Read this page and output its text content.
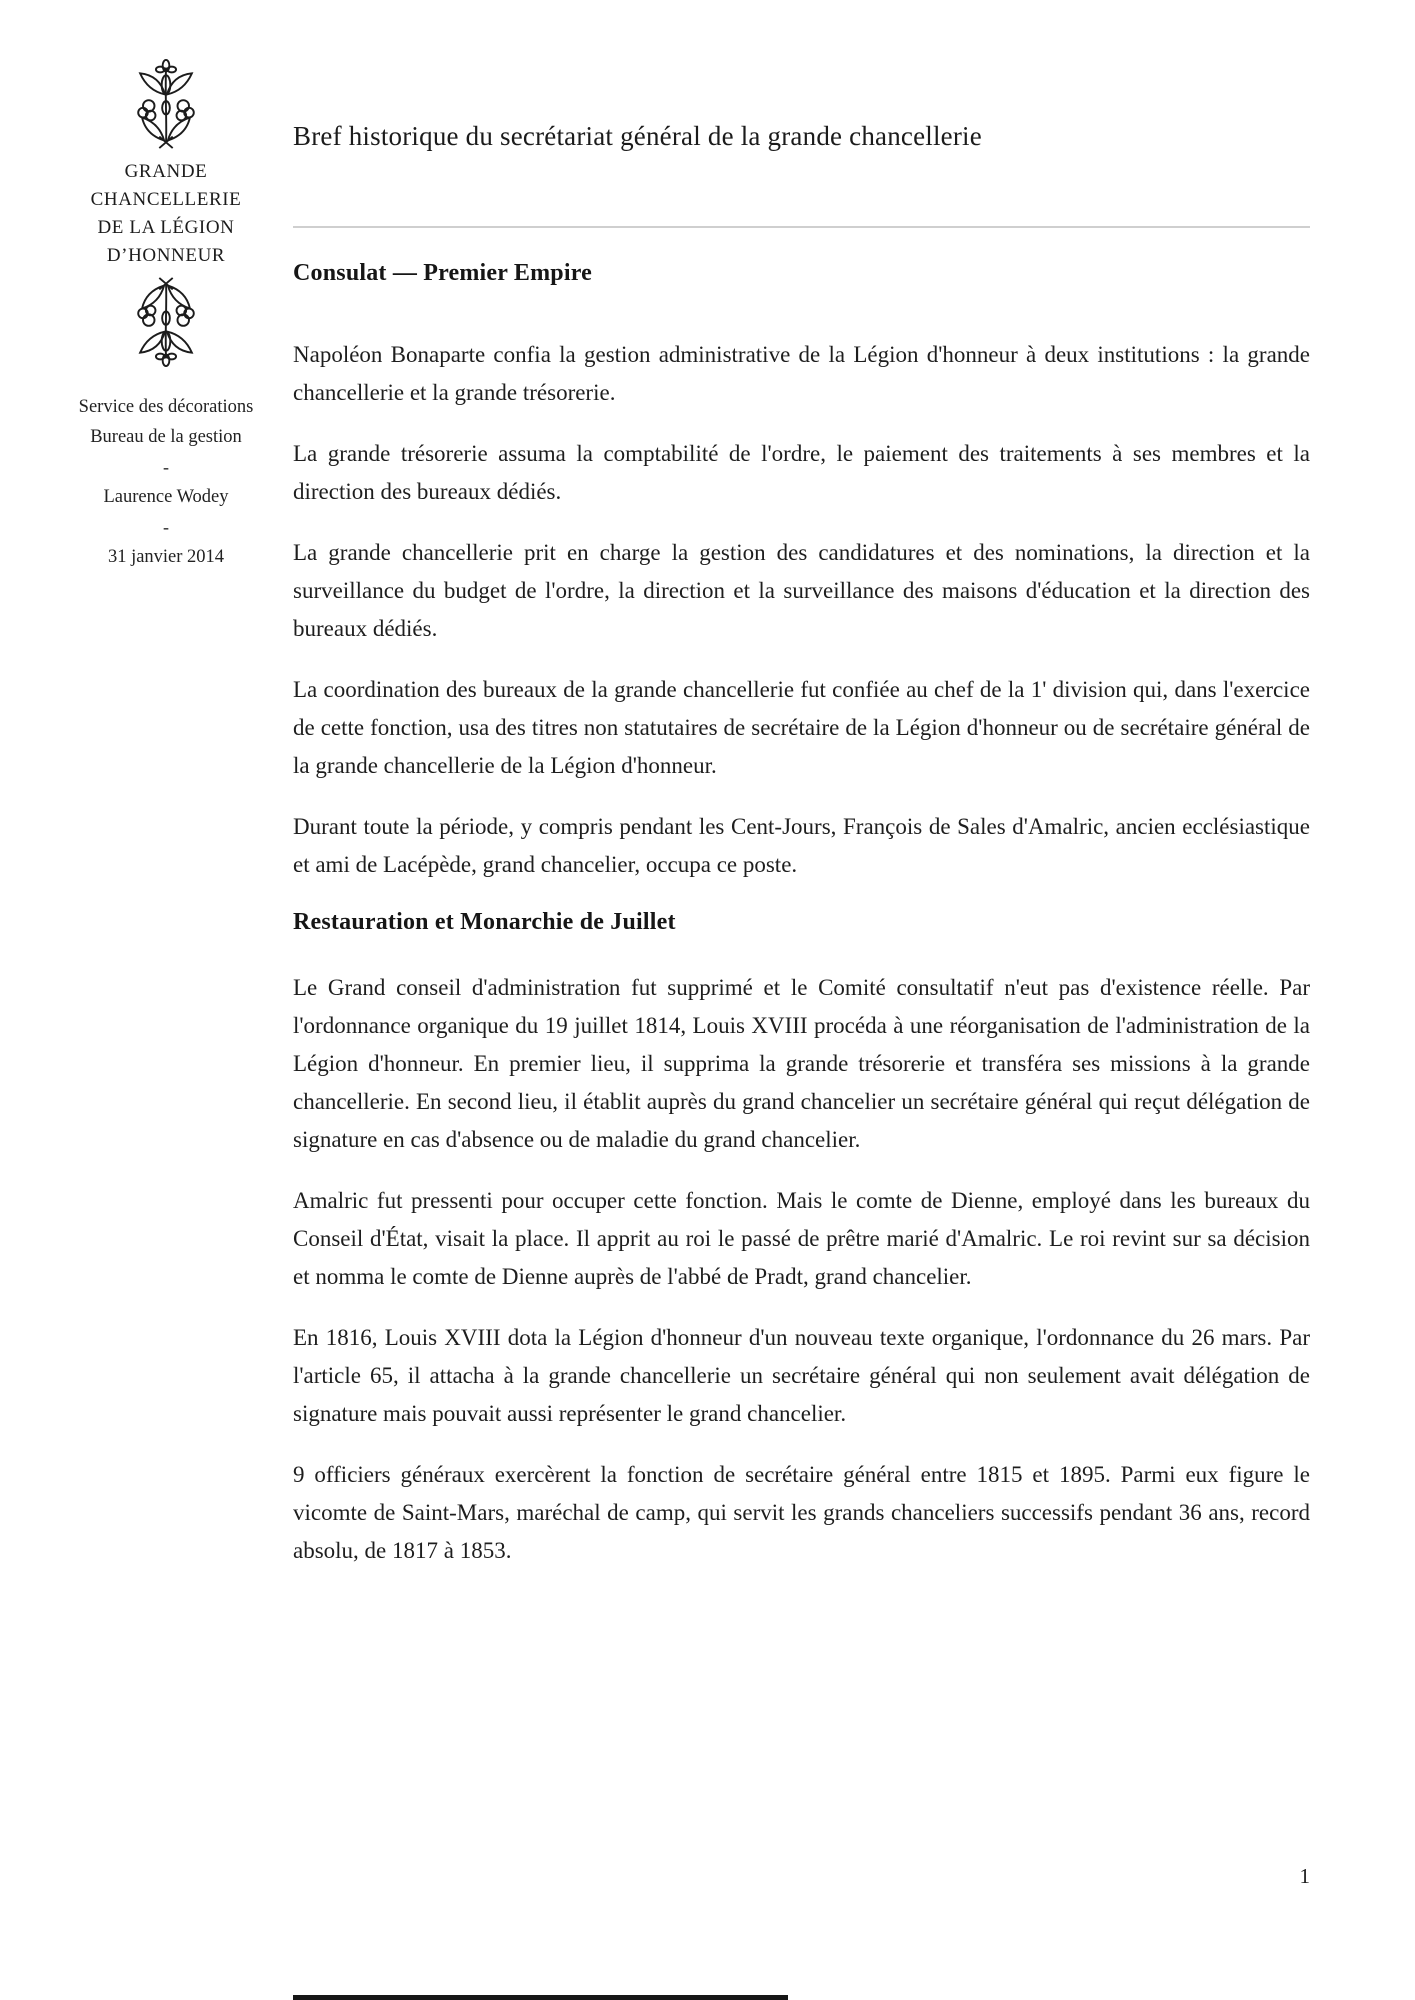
GRANDE
CHANCELLERIE
DE LA LÉGION
D’HONNEUR
Service des décorations
Bureau de la gestion
-
Laurence Wodey
-
31 janvier 2014
Bref historique du secrétariat général de la grande chancellerie
Consulat — Premier Empire

Napoléon Bonaparte confia la gestion administrative de la Légion d'honneur à deux institutions : la grande chancellerie et la grande trésorerie.

La grande trésorerie assuma la comptabilité de l'ordre, le paiement des traitements à ses membres et la direction des bureaux dédiés.

La grande chancellerie prit en charge la gestion des candidatures et des nominations, la direction et la surveillance du budget de l'ordre, la direction et la surveillance des maisons d'éducation et la direction des bureaux dédiés.

La coordination des bureaux de la grande chancellerie fut confiée au chef de la 1' division qui, dans l'exercice de cette fonction, usa des titres non statutaires de secrétaire de la Légion d'honneur ou de secrétaire général de la grande chancellerie de la Légion d'honneur.

Durant toute la période, y compris pendant les Cent-Jours, François de Sales d'Amalric, ancien ecclésiastique et ami de Lacépède, grand chancelier, occupa ce poste.

Restauration et Monarchie de Juillet

Le Grand conseil d'administration fut supprimé et le Comité consultatif n'eut pas d'existence réelle. Par l'ordonnance organique du 19 juillet 1814, Louis XVIII procéda à une réorganisation de l'administration de la Légion d'honneur. En premier lieu, il supprima la grande trésorerie et transféra ses missions à la grande chancellerie. En second lieu, il établit auprès du grand chancelier un secrétaire général qui reçut délégation de signature en cas d'absence ou de maladie du grand chancelier.

Amalric fut pressenti pour occuper cette fonction. Mais le comte de Dienne, employé dans les bureaux du Conseil d'État, visait la place. Il apprit au roi le passé de prêtre marié d'Amalric. Le roi revint sur sa décision et nomma le comte de Dienne auprès de l'abbé de Pradt, grand chancelier.

En 1816, Louis XVIII dota la Légion d'honneur d'un nouveau texte organique, l'ordonnance du 26 mars. Par l'article 65, il attacha à la grande chancellerie un secrétaire général qui non seulement avait délégation de signature mais pouvait aussi représenter le grand chancelier.

9 officiers généraux exercèrent la fonction de secrétaire général entre 1815 et 1895. Parmi eux figure le vicomte de Saint-Mars, maréchal de camp, qui servit les grands chanceliers successifs pendant 36 ans, record absolu, de 1817 à 1853.

1
